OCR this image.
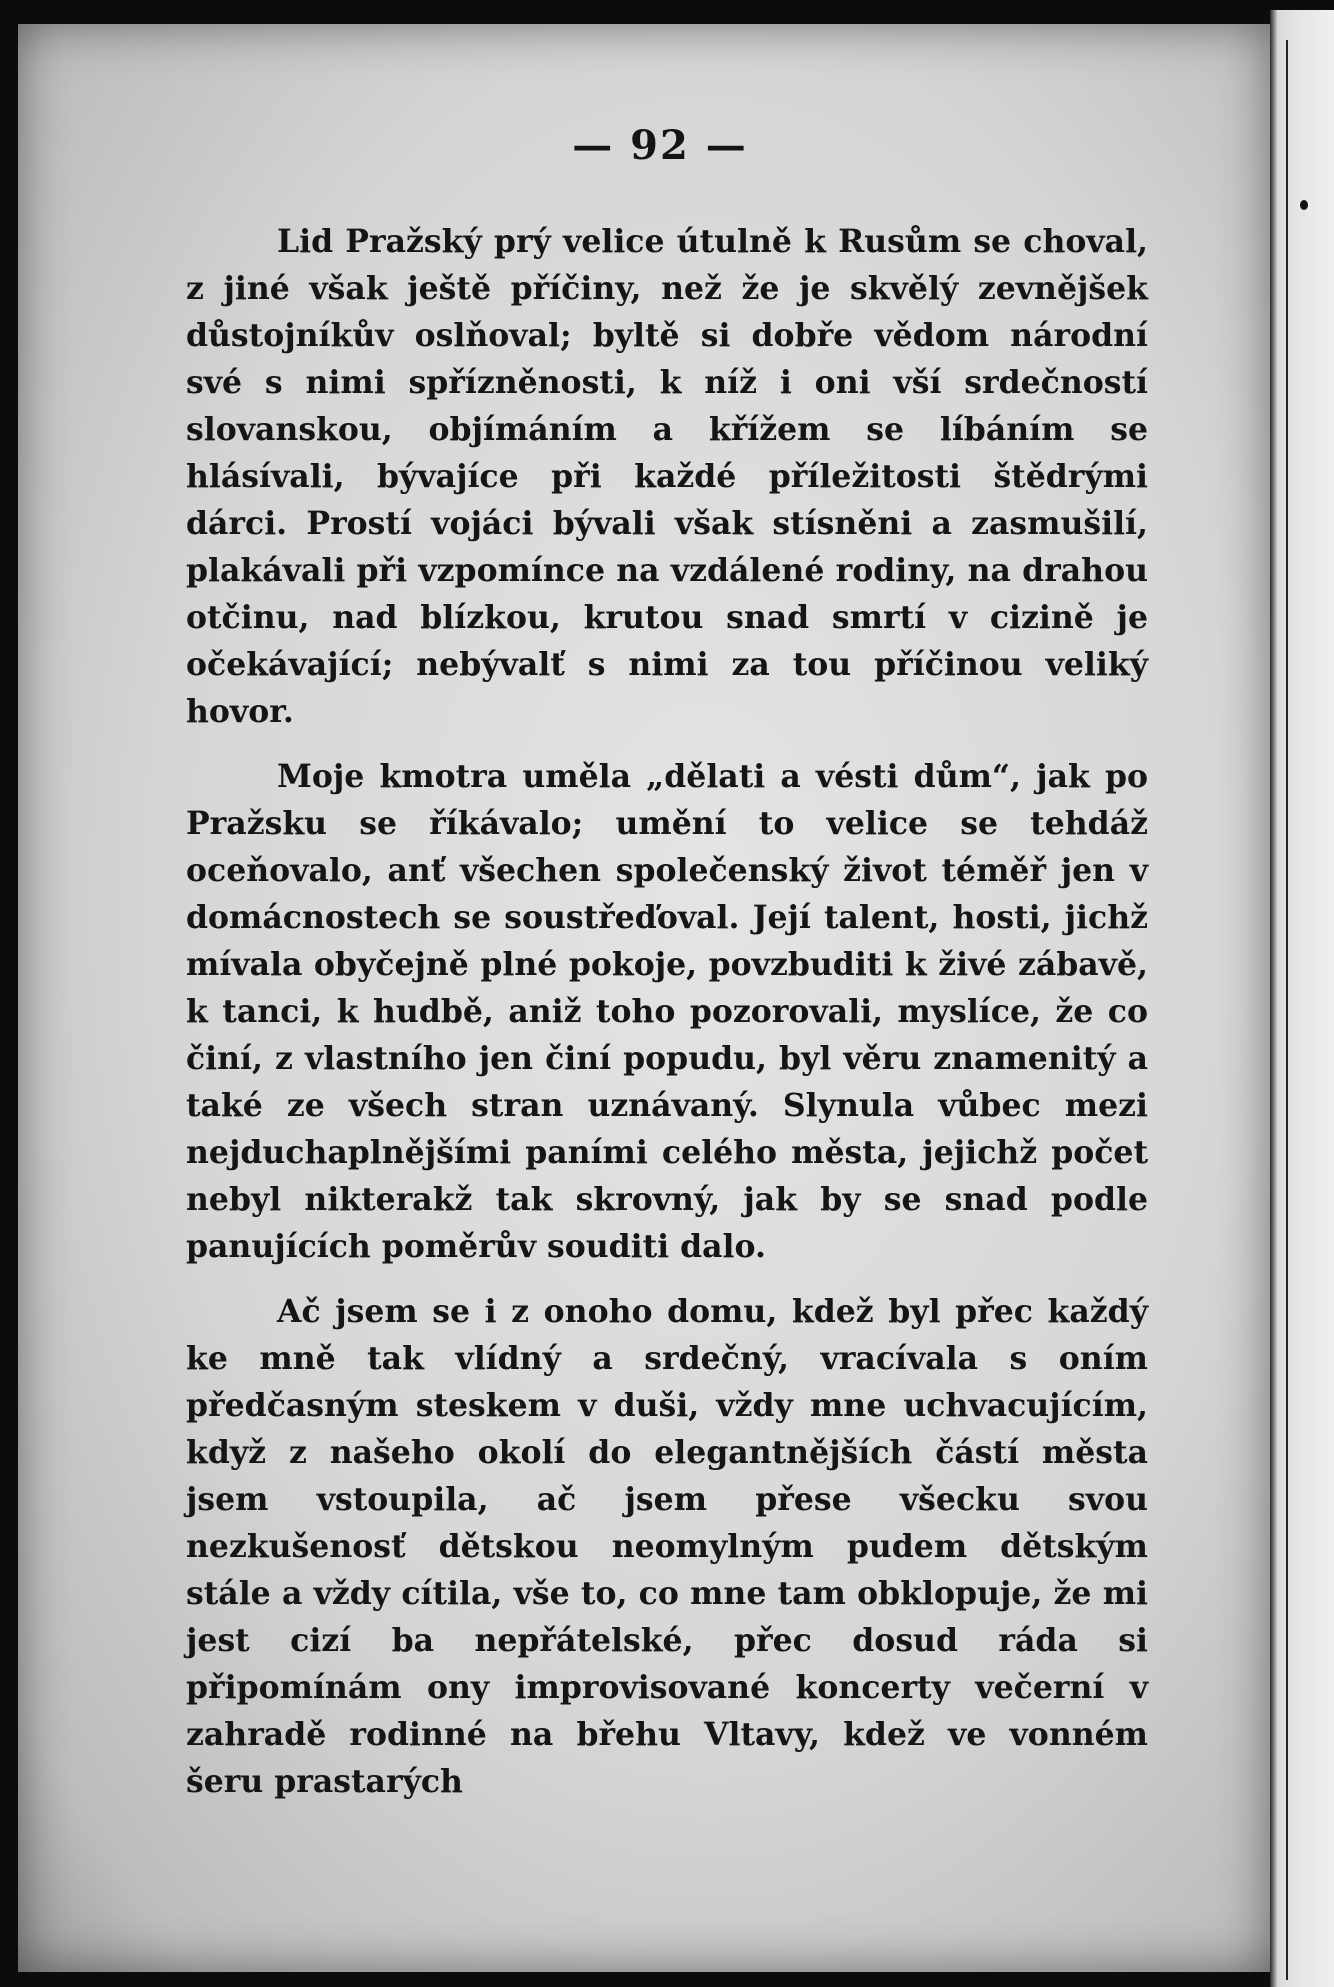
— 92 —

Lid Pražský prý velice útulně k Rusům se choval, z jiné však ještě příčiny, než že je skvělý zevnějšek důstojníkův oslňoval; byltě si dobře vědom národní své s nimi spřízněnosti, k níž i oni vší srdečností slovanskou, objímáním a křížem se líbáním se hlásívali, bývajíce při každé příležitosti štědrými dárci. Prostí vojáci bývali však stísněni a zasmušilí, plakávali při vzpomínce na vzdálené rodiny, na drahou otčinu, nad blízkou, krutou snad smrtí v cizině je očekávající; nebývalť s nimi za tou příčinou veliký hovor.

Moje kmotra uměla „dělati a vésti dům“, jak po Pražsku se říkávalo; umění to velice se tehdáž oceňovalo, anť všechen společenský život téměř jen v domácnostech se soustřeďoval. Její talent, hosti, jichž mívala obyčejně plné pokoje, povzbuditi k živé zábavě, k tanci, k hudbě, aniž toho pozorovali, myslíce, že co činí, z vlastního jen činí popudu, byl věru znamenitý a také ze všech stran uznávaný. Slynula vůbec mezi nejduchaplnějšími paními celého města, jejichž počet nebyl nikterakž tak skrovný, jak by se snad podle panujících poměrův souditi dalo.

Ač jsem se i z onoho domu, kdež byl přec každý ke mně tak vlídný a srdečný, vracívala s oním předčasným steskem v duši, vždy mne uchvacujícím, když z našeho okolí do elegantnějších částí města jsem vstoupila, ač jsem přese všecku svou nezkušenosť dětskou neomylným pudem dětským stále a vždy cítila, vše to, co mne tam obklopuje, že mi jest cizí ba nepřátelské, přec dosud ráda si připomínám ony improvisované koncerty večerní v zahradě rodinné na břehu Vltavy, kdež ve vonném šeru prastarých
